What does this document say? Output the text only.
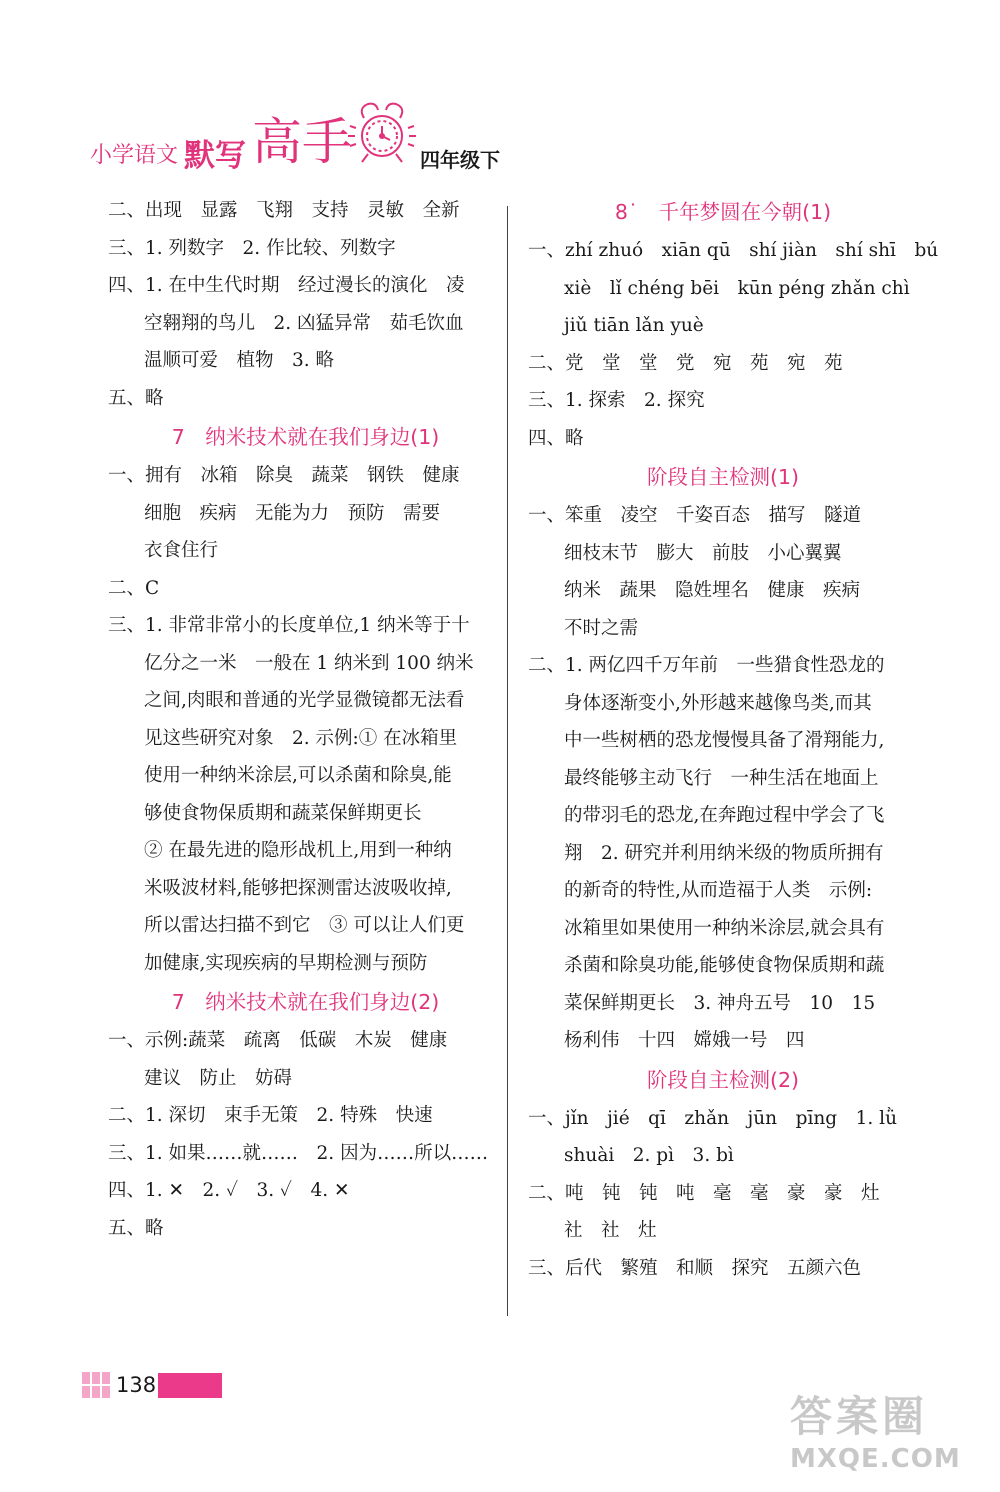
小学语文 默写 高手	四年级下
二、出现　显露　飞翔　支持　灵敏　全新
三、1. 列数字　2. 作比较、列数字
四、1. 在中生代时期　经过漫长的演化　凌
空翱翔的鸟儿　2. 凶猛异常　茹毛饮血
温顺可爱　植物　3. 略
五、略
7　纳米技术就在我们身边(1)
一、拥有　冰箱　除臭　蔬菜　钢铁　健康
细胞　疾病　无能为力　预防　需要
衣食住行
二、C
三、1. 非常非常小的长度单位,1 纳米等于十
亿分之一米　一般在 1 纳米到 100 纳米
之间,肉眼和普通的光学显微镜都无法看
见这些研究对象　2. 示例:① 在冰箱里
使用一种纳米涂层,可以杀菌和除臭,能
够使食物保质期和蔬菜保鲜期更长
② 在最先进的隐形战机上,用到一种纳
米吸波材料,能够把探测雷达波吸收掉,
所以雷达扫描不到它　③ 可以让人们更
加健康,实现疾病的早期检测与预防
7　纳米技术就在我们身边(2)
一、示例:蔬菜　疏离　低碳　木炭　健康
建议　防止　妨碍
二、1. 深切　束手无策　2. 特殊　快速
三、1. 如果……就……　2. 因为……所以……
四、1. ✕　2. ✓　3. ✓　4. ✕
五、略
8˙　千年梦圆在今朝(1)
一、zhí zhuó　xiān qū　shí jiàn　shí shī　bú
xiè　lǐ chéng bēi　kūn péng zhǎn chì
jiǔ tiān lǎn yuè
二、党　堂　堂　党　宛　苑　宛　苑
三、1. 探索　2. 探究
四、略
阶段自主检测(1)
一、笨重　凌空　千姿百态　描写　隧道
细枝末节　膨大　前肢　小心翼翼
纳米　蔬果　隐姓埋名　健康　疾病
不时之需
二、1. 两亿四千万年前　一些猎食性恐龙的
身体逐渐变小,外形越来越像鸟类,而其
中一些树栖的恐龙慢慢具备了滑翔能力,
最终能够主动飞行　一种生活在地面上
的带羽毛的恐龙,在奔跑过程中学会了飞
翔　2. 研究并利用纳米级的物质所拥有
的新奇的特性,从而造福于人类　示例:
冰箱里如果使用一种纳米涂层,就会具有
杀菌和除臭功能,能够使食物保质期和蔬
菜保鲜期更长　3. 神舟五号　10　15
杨利伟　十四　嫦娥一号　四
阶段自主检测(2)
一、jǐn　jié　qī　zhǎn　jūn　pīng　1. lǜ
shuài　2. pì　3. bì
二、吨　钝　钝　吨　毫　毫　豪　豪　灶
社　社　灶
三、后代　繁殖　和顺　探究　五颜六色
138
答案圈
MXQE.COM
